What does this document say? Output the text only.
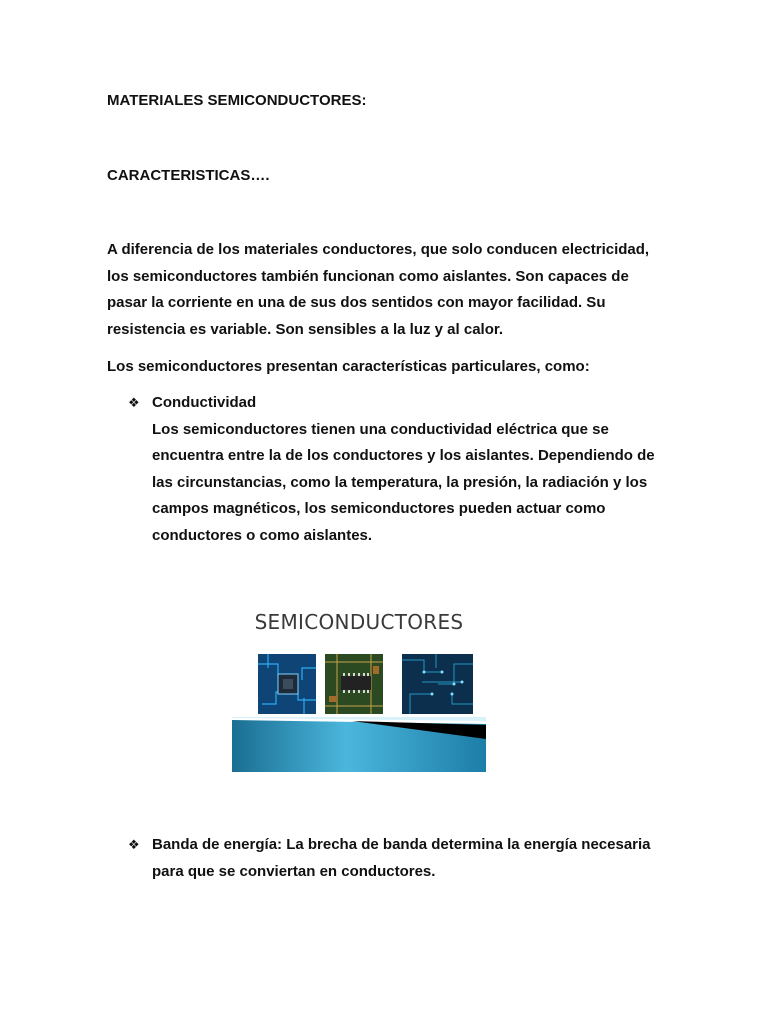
MATERIALES SEMICONDUCTORES:

CARACTERISTICAS….

A diferencia de los materiales conductores, que solo conducen electricidad, los semiconductores también funcionan como aislantes. Son capaces de pasar la corriente en una de sus dos sentidos con mayor facilidad. Su resistencia es variable. Son sensibles a la luz y al calor.

Los semiconductores presentan características particulares, como:

❖ Conductividad
Los semiconductores tienen una conductividad eléctrica que se encuentra entre la de los conductores y los aislantes. Dependiendo de las circunstancias, como la temperatura, la presión, la radiación y los campos magnéticos, los semiconductores pueden actuar como conductores o como aislantes.
SEMICONDUCTORES
❖ Banda de energía: La brecha de banda determina la energía necesaria para que se conviertan en conductores.
